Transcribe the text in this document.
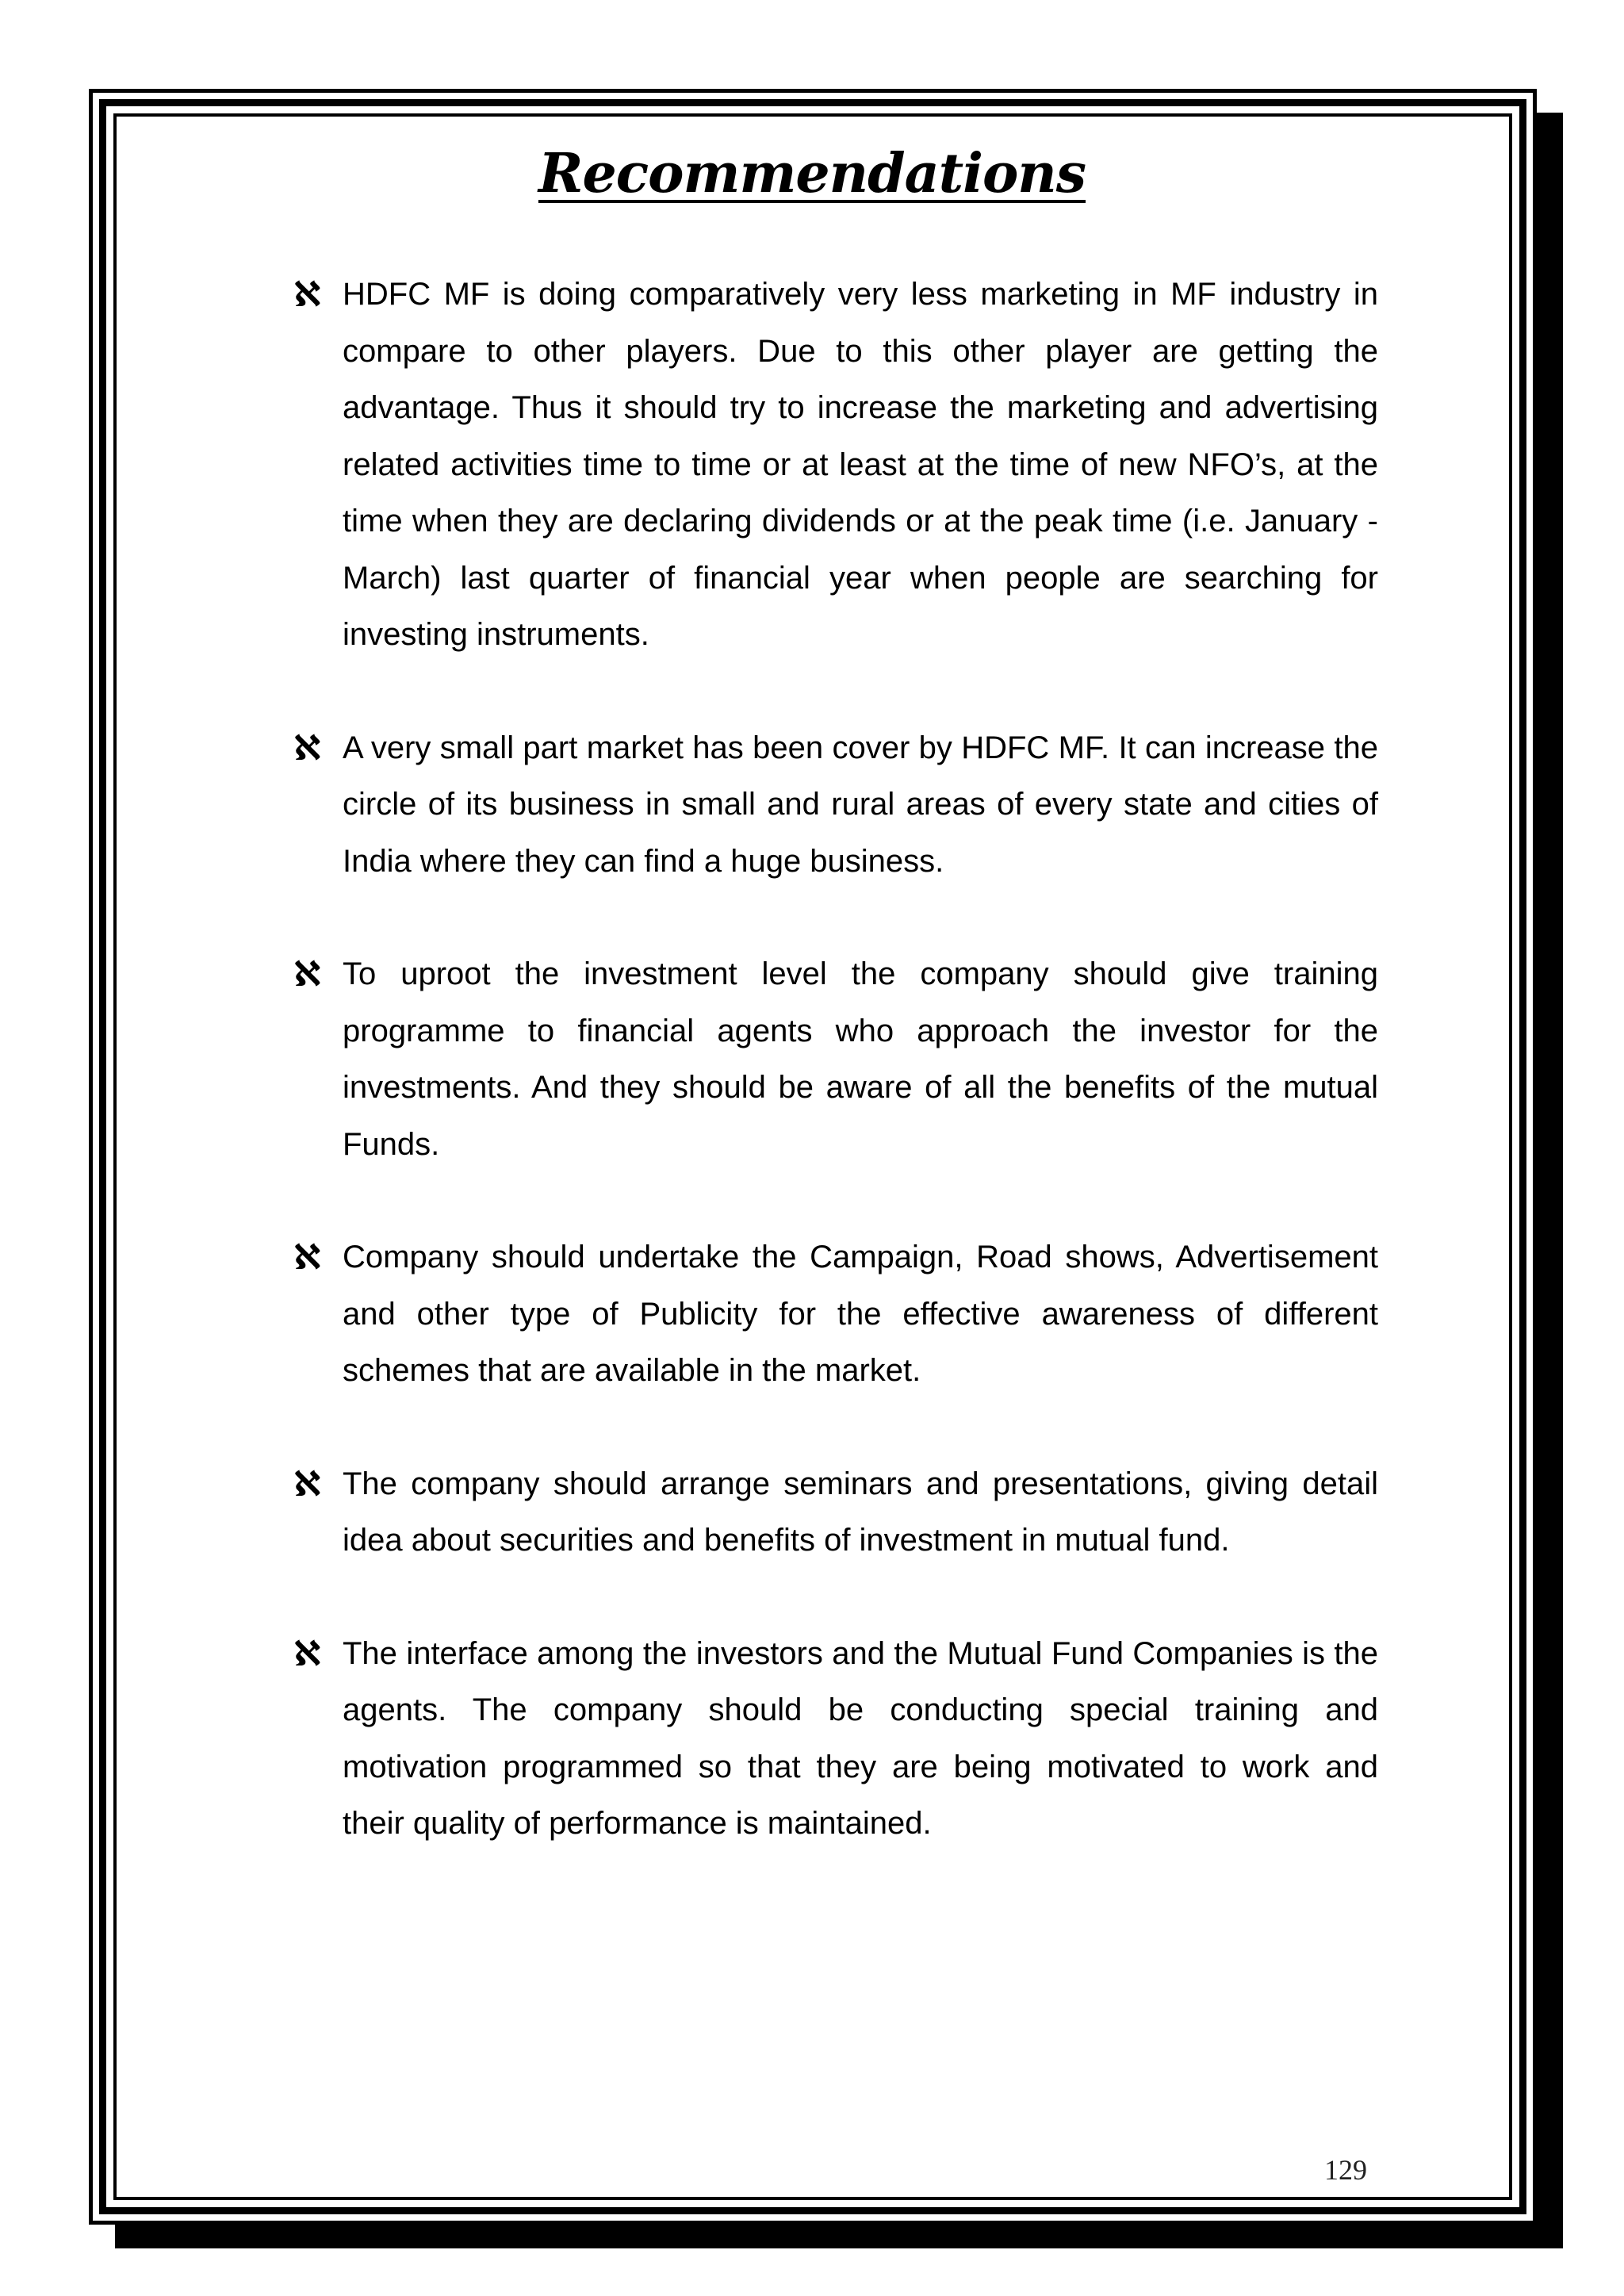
Recommendations
ℵ HDFC MF is doing comparatively very less marketing in MF industry in compare to other players. Due to this other player are getting the advantage. Thus it should try to increase the marketing and advertising related activities time to time or at least at the time of new NFO’s, at the time when they are declaring dividends or at the peak time (i.e. January - March) last quarter of financial year when people are searching for investing instruments.
ℵ A very small part market has been cover by HDFC MF. It can increase the circle of its business in small and rural areas of every state and cities of India where they can find a huge business.
ℵ To uproot the investment level the company should give training programme to financial agents who approach the investor for the investments. And they should be aware of all the benefits of the mutual Funds.
ℵ Company should undertake the Campaign, Road shows, Advertisement and other type of Publicity for the effective awareness of different schemes that are available in the market.
ℵ The company should arrange seminars and presentations, giving detail idea about securities and benefits of investment in mutual fund.
ℵ The interface among the investors and the Mutual Fund Companies is the agents. The company should be conducting special training and motivation programmed so that they are being motivated to work and their quality of performance is maintained.
129
